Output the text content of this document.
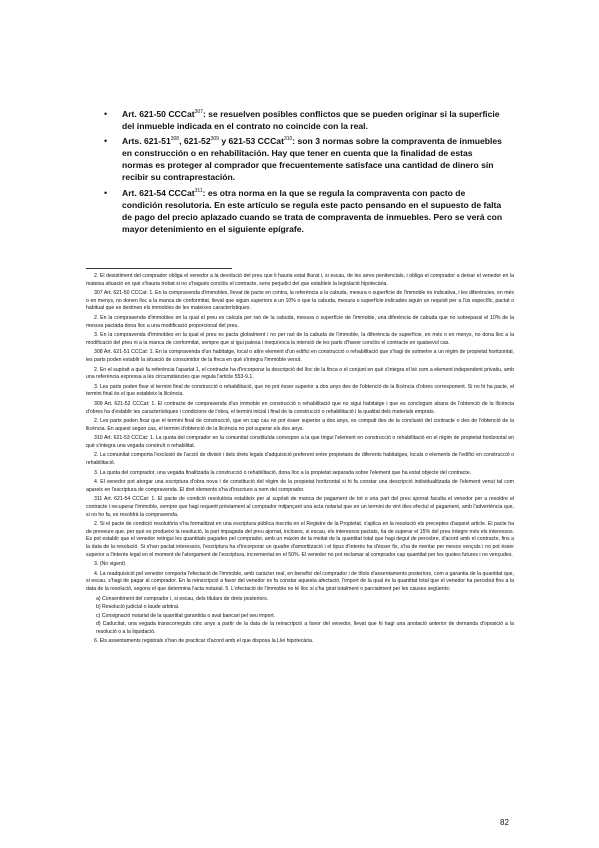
• Art. 621-50 CCCat$^{307}$: se resuelven posibles conflictos que se pueden originar si la superficie del inmueble indicada en el contrato no coincide con la real.
• Arts. $621-51^{308}$, $621-52^{309}$ y 621-53 CCCat$^{310}$: son 3 normas sobre la compraventa de inmuebles en construcción o en rehabilitación. Hay que tener en cuenta que la finalidad de estas normas es proteger al comprador que frecuentemente satisface una cantidad de dinero sin recibir su contraprestación.
• Art. 621-54 CCCat$^{311}$: es otra norma en la que se regula la compraventa con pacto de condición resolutoria. En este artículo se regula este pacto pensando en el supuesto de falta de pago del precio aplazado cuando se trata de compraventa de inmuebles. Pero se verá con mayor detenimiento en el siguiente epígrafe.

2. El desistiment del comprador obliga el venedor a la devolució del preu que li hauria estat lliurat i, si escau, de les arres penitencials, i obliga el comprador a deixar el venedor en la mateixa situació en què s'hauria trobat si no s'hagués conclòs el contracte, sens perjudici del que estableix la legislació hipotecària.

307 Art. 621-50 CCCat: 1. En la compravenda d'immobles, llevat de pacte en contra, la referència a la cabuda, mesura o superfície de l'immoble és indicativa, i les diferències, en més o en menys, no donen lloc a la manca de conformitat, llevat que siguin superiors a un 10% o que la cabuda, mesura o superfície indicades siguin un requisit per a l'ús específic, pactat o habitual que es destinen els immobles de les mateixes característiques.

2. En la compravenda d'immobles en la qual el preu es calcula per raó de la cabuda, mesura o superfície de l'immoble, una diferència de cabuda que no sobrepassi el 10% de la mesura pactada dona lloc a una modificació proporcional del preu.

3. En la compravenda d'immobles en la qual el preu es pacta globalment i no per raó de la cabuda de l'immoble, la diferència de superfície, en més o en menys, no dona lloc a la modificació del preu ni a la manca de conformitat, sempre que si igui palesa i inequívoca la intenció de les parts d'haver conclòs el contracte en qualsevol cas.

308 Art. 621-51 CCCat: 1. En la compravenda d'un habitatge, local o altre element d'un edifici en construcció o rehabilitació que s'hagi de sotmetre a un règim de propietat horitzontal, les parts poden establir la situació de consumidor de la finca en què s'integra l'immoble venut.

2. En el supòsit a què fa referència l'apartat 1, el contracte ha d'incorporar la descripció del lloc de la finca o el conjunt en què s'integra el bé com a element independent privatiu, amb una referència expressa a les circumstàncies que regula l'article 553-9.1.

3. Les parts poden fixar el termini final de construcció o rehabilitació, que no pot ésser superior a dos anys des de l'obtenció de la llicència d'obres corresponent. Si no hi ha pacte, el termini final és el que estableix la llicència.

309 Art. 621-52 CCCat: 1. El contracte de compravenda d'un immoble en construcció o rehabilitació que no sigui habitatge i que es concloguin abans de l'obtenció de la llicència d'obres ha d'establir les característiques i condicions de l'obra, el termini inicial i final de la construcció o rehabilitació i la qualitat dels materials emprats.

2. Les parts poden fixar que el termini final de construcció, que en cap cas no pot ésser superior a dos anys, es computi des de la conclusió del contracte o des de l'obtenció de la llicència. En aquest segon cas, el termini d'obtenció de la llicència no pot superar els dos anys.

310 Art. 621-53 CCCat: 1. La quota del comprador en la comunitat constituïda correspon a la que tingui l'element en construcció o rehabilitació en el règim de propietat horitzontal en què s'integra una vegada construït o rehabilitat.

2. La comunitat comporta l'exclusió de l'acció de divisió i dels drets legals d'adquisició preferent entre propietaris de diferents habitatges, locals o elements de l'edifici en construcció o rehabilitació.

3. La quota del comprador, una vegada finalitzada la construcció o rehabilitació, dona lloc a la propietat separada sobre l'element que ha estat objecte del contracte.

4. El venedor pot atorgar una escriptura d'obra nova i de constitució del règim de la propietat horitzontal si hi fa constar una descripció individualitzada de l'element venut tal com apareix en l'escriptura de compravenda. El dret elements s'ha d'inscriure a nom del comprador.

311 Art. 621-54 CCCat: 1. El pacte de condició resolutòria estableix per al supòsit de manca de pagament de tot o una part del preu ajornat faculta el venedor per a resoldre el contracte i recuperar l'immoble, sempre que hagi requerit prèviament al comprador mitjançant una acta notarial que en un termini de vint dies efectuï el pagament, amb l'advertència que, si no ho fa, es resoldrà la compravenda.

2. Si el pacte de condició resolutòria s'ha formalitzat en una escriptura pública inscrita en el Registre de la Propietat, s'aplica en la resolució els preceptes d'aquest article. El pacte ha de preveure que, per què es produeixi la resolució, la part impagada del preu ajornat, inclosos, si escau, els interessos pactats, ha de superar el 15% del preu íntegre més els interessos. Es pot establir que el venedor retingui les quantitats pagades pel comprador, amb un màxim de la meitat de la quantitat total que hagi degut de percebre, d'acord amb el contracte, fins a la data de la resolució. Si s'han pactat interessos, l'escriptura ha d'incorporar un quadre d'amortització i el tipus d'interès ha d'ésser fix, s'ha de meritar per mesos vençuts i no pot ésser superior a l'interès legal en el moment de l'atorgament de l'escriptura, incrementat en el 50%. El venedor no pot reclamar al comprador cap quantitat per les quotes futures i no vençudes.

3. (No vigent)

4. La readquisició pel venedor comporta l'efectació de l'immoble, amb caràcter real, en benefici del comprador i de títols d'assentaments posteriors, com a garantia de la quantitat que, si escau, s'hagi de pagar al comprador. En la reinscripció a favor del venedor es fa constar aquesta afectació, l'import de la qual és la quantitat total que el venedor ha percebut fins a la data de la resolució, segons el que determina l'acta notarial. 5. L'efectació de l'immoble no té lloc si s'ha girat totalment o parcialment per les causes següents:

a) Consentiment del comprador i, si escau, dels titulars de drets posteriors.

b) Resolució judicial o laude arbitral.

c) Consignació notarial de la quantitat garantida o aval bancari pel seu import.

d) Caducitat, una vegada transcorreguts cinc anys a partir de la data de la reinscripció a favor del venedor, llevat que hi hagi una anotació anterior de demanda d'oposició a la resolució o a la liquidació.

6. Els assentaments registrals s'han de practicar d'acord amb el que disposa la Llei hipotecària.

82
